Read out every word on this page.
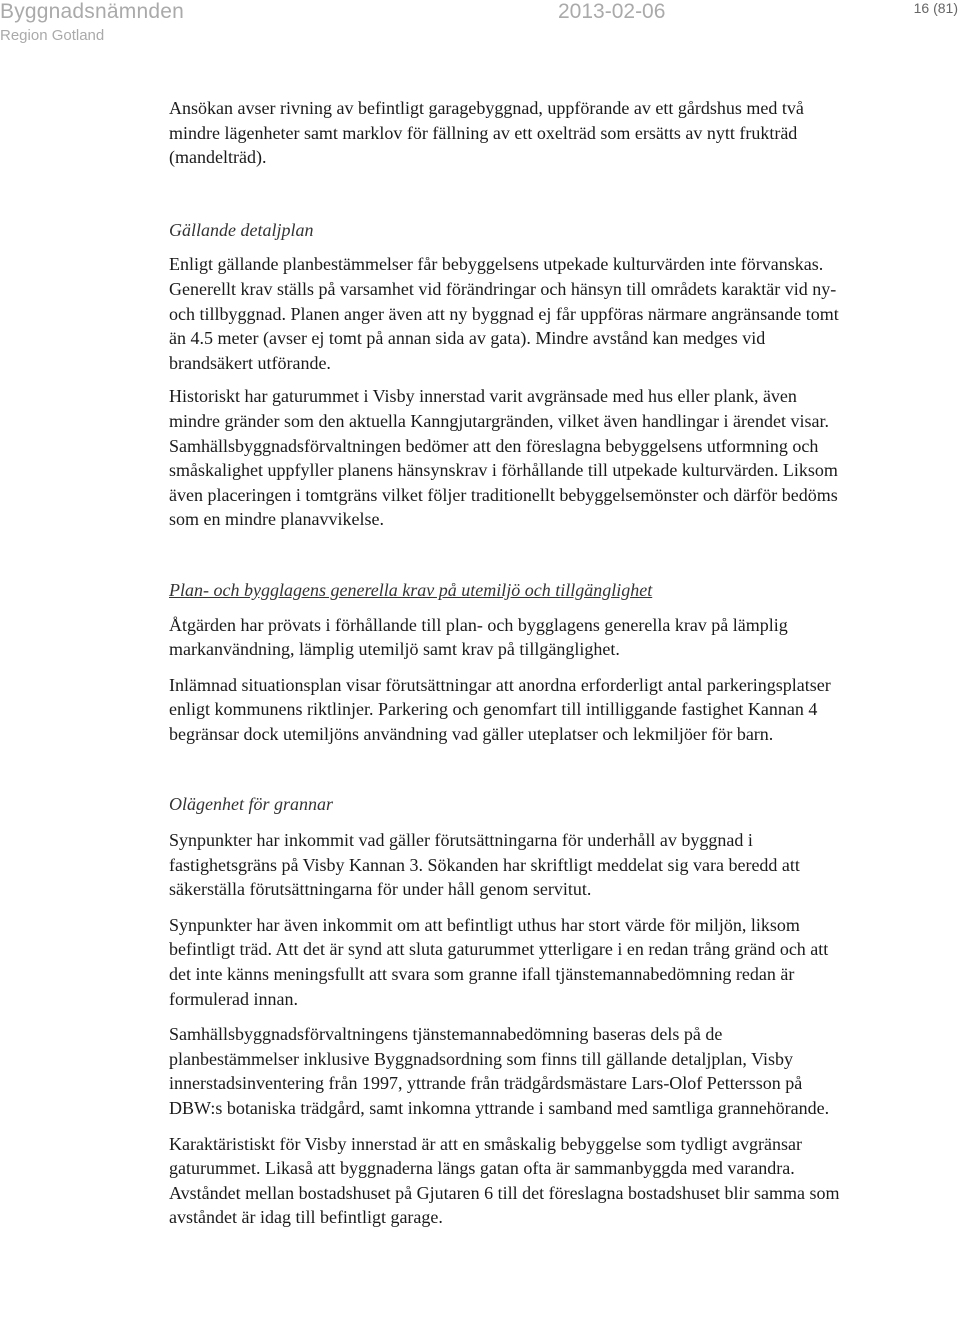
Byggnadsnämnden
Region Gotland
2013-02-06	16 (81)

Ansökan avser rivning av befintligt garagebyggnad, uppförande av ett gårdshus med två mindre lägenheter samt marklov för fällning av ett oxelträd som ersätts av nytt frukträd (mandelträd).

Gällande detaljplan

Enligt gällande planbestämmelser får bebyggelsens utpekade kulturvärden inte förvanskas. Generellt krav ställs på varsamhet vid förändringar och hänsyn till områdets karaktär vid ny- och tillbyggnad. Planen anger även att ny byggnad ej får uppföras närmare angränsande tomt än 4.5 meter (avser ej tomt på annan sida av gata). Mindre avstånd kan medges vid brandsäkert utförande.

Historiskt har gaturummet i Visby innerstad varit avgränsade med hus eller plank, även mindre gränder som den aktuella Kanngjutargränden, vilket även handlingar i ärendet visar. Samhällsbyggnadsförvaltningen bedömer att den föreslagna bebyggelsens utformning och småskalighet uppfyller planens hänsynskrav i förhållande till utpekade kulturvärden. Liksom även placeringen i tomtgräns vilket följer traditionellt bebyggelsemönster och därför bedöms som en mindre planavvikelse.

Plan- och bygglagens generella krav på utemiljö och tillgänglighet

Åtgärden har prövats i förhållande till plan- och bygglagens generella krav på lämplig markanvändning, lämplig utemiljö samt krav på tillgänglighet.

Inlämnad situationsplan visar förutsättningar att anordna erforderligt antal parkeringsplatser enligt kommunens riktlinjer. Parkering och genomfart till intilliggande fastighet Kannan 4 begränsar dock utemiljöns användning vad gäller uteplatser och lekmiljöer för barn.

Olägenhet för grannar

Synpunkter har inkommit vad gäller förutsättningarna för underhåll av byggnad i fastighetsgräns på Visby Kannan 3. Sökanden har skriftligt meddelat sig vara beredd att säkerställa förutsättningarna för under håll genom servitut.

Synpunkter har även inkommit om att befintligt uthus har stort värde för miljön, liksom befintligt träd. Att det är synd att sluta gaturummet ytterligare i en redan trång gränd och att det inte känns meningsfullt att svara som granne ifall tjänstemannabedömning redan är formulerad innan.

Samhällsbyggnadsförvaltningens tjänstemannabedömning baseras dels på de planbestämmelser inklusive Byggnadsordning som finns till gällande detaljplan, Visby innerstadsinventering från 1997, yttrande från trädgårdsmästare Lars-Olof Pettersson på DBW:s botaniska trädgård, samt inkomna yttrande i samband med samtliga grannehörande.

Karaktäristiskt för Visby innerstad är att en småskalig bebyggelse som tydligt avgränsar gaturummet. Likaså att byggnaderna längs gatan ofta är sammanbyggda med varandra. Avståndet mellan bostadshuset på Gjutaren 6 till det föreslagna bostadshuset blir samma som avståndet är idag till befintligt garage.
